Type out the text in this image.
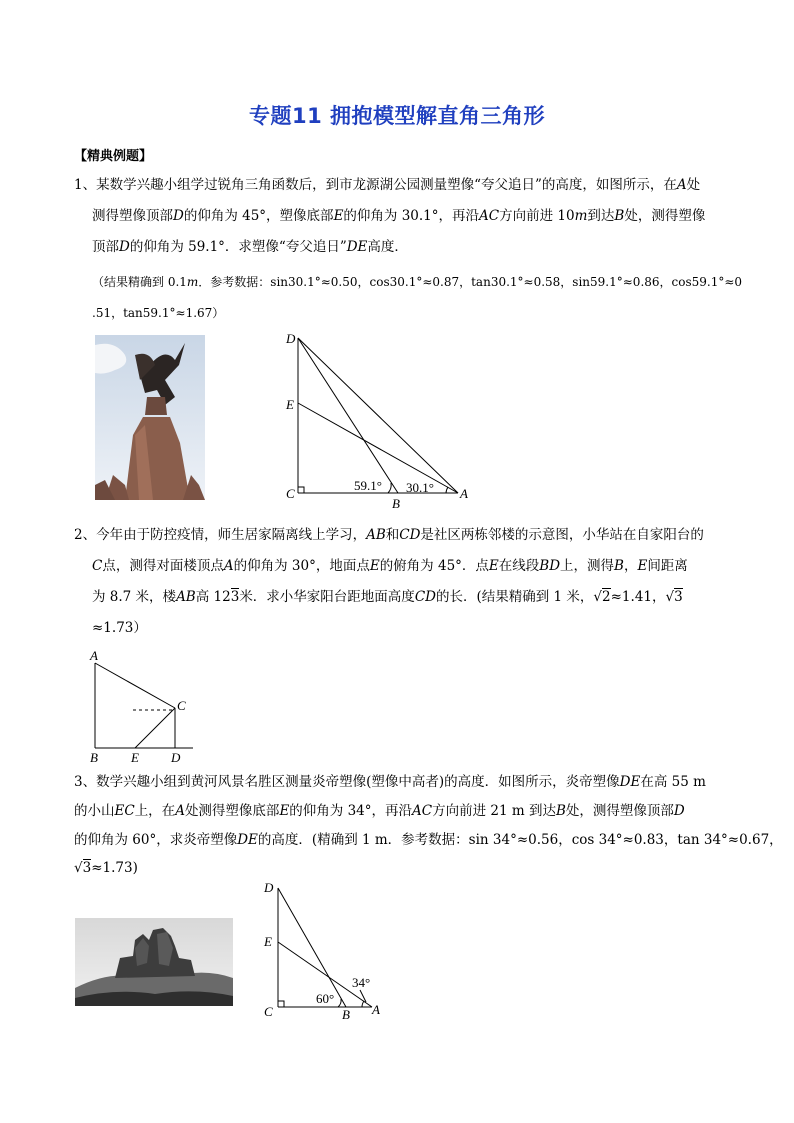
专题11 拥抱模型解直角三角形
【精典例题】
1、某数学兴趣小组学过锐角三角函数后，到市龙源湖公园测量塑像“夸父追日”的高度，如图所示，在A处
测得塑像顶部D的仰角为 45°，塑像底部E的仰角为 30.1°，再沿AC方向前进 10m到达B处，测得塑像
顶部D的仰角为 59.1°．求塑像“夸父追日”DE高度．
（结果精确到 0.1m．参考数据：sin30.1°≈0.50，cos30.1°≈0.87，tan30.1°≈0.58，sin59.1°≈0.86，cos59.1°≈0
.51，tan59.1°≈1.67）
D
E
C
B
A
59.1° 30.1°
2、今年由于防控疫情，师生居家隔离线上学习，AB和CD是社区两栋邻楼的示意图，小华站在自家阳台的
C点，测得对面楼顶点A的仰角为 30°，地面点E的俯角为 45°．点E在线段BD上，测得B，E间距离
为 8.7 米，楼AB高 123米．求小华家阳台距地面高度CD的长．(结果精确到 1 米，√2≈1.41，√3
≈1.73）
A
C
B	E D
3、数学兴趣小组到黄河风景名胜区测量炎帝塑像(塑像中高者)的高度．如图所示，炎帝塑像DE在高 55 m
的小山EC上，在A处测得塑像底部E的仰角为 34°，再沿AC方向前进 21 m 到达B处，测得塑像顶部D
的仰角为 60°，求炎帝塑像DE的高度．(精确到 1 m．参考数据：sin 34°≈0.56，cos 34°≈0.83，tan 34°≈0.67，
√3≈1.73)
D
E
C	B A
60°
34°
